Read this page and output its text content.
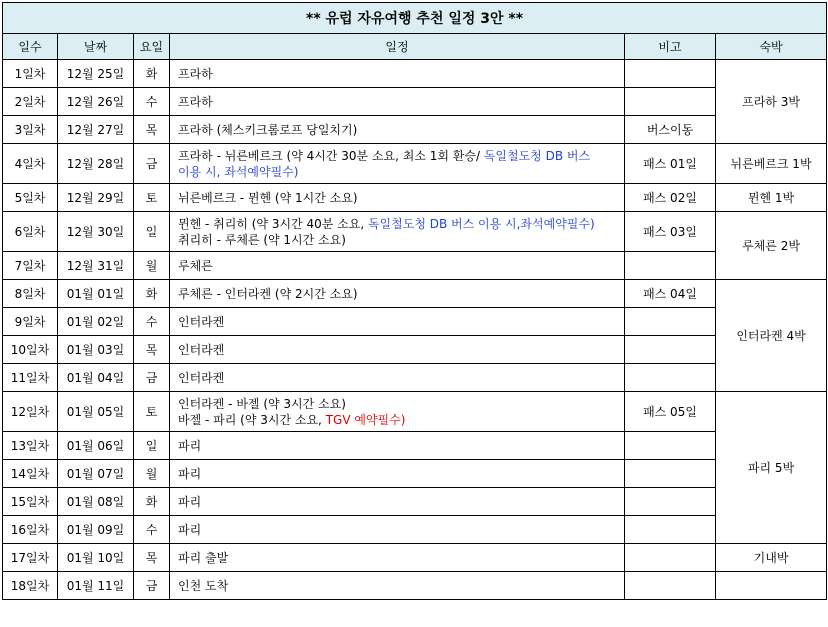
** 유럽 자유여행 추천 일정 3안 **					
일수	날짜	요일	일정	비고	숙박
1일차	12월 25일	화	프라하		프라하 3박
2일차	12월 26일	수	프라하		

3일차	12월 27일	목	프라하 (체스키크롬로프 당일치기)	버스이동	
4일차	12월 28일	금	프라하 - 뉘른베르크 (약 4시간 30분 소요, 최소 1회 환승/ 독일철도청 DB 버스
이용 시, 좌석예약필수)	패스 01일	뉘른베르크 1박
5일차	12월 29일	토	뉘른베르크 - 뮌헨 (약 1시간 소요)	패스 02일	뮌헨 1박
6일차	12월 30일	일	뮌헨 - 취리히 (약 3시간 40분 소요, 독일철도청 DB 버스 이용 시,좌석예약필수)
취리히 - 루체른 (약 1시간 소요)	패스 03일	루체른 2박
7일차	12월 31일	월	루체른		

8일차	01월 01일	화	루체른 - 인터라켄 (약 2시간 소요)	패스 04일	인터라켄 4박
9일차	01월 02일	수	인터라켄		

10일차	01월 03일	목	인터라켄		

11일차	01월 04일	금	인터라켄		

12일차	01월 05일	토	인터라켄 - 바젤 (약 3시간 소요)
바젤 - 파리 (약 3시간 소요, TGV 예약필수)	패스 05일	파리 5박
13일차	01월 06일	일	파리		

14일차	01월 07일	월	파리		

15일차	01월 08일	화	파리		

16일차	01월 09일	수	파리		

17일차	01월 10일	목	파리 출발		기내박
18일차	01월 11일	금	인천 도착		
